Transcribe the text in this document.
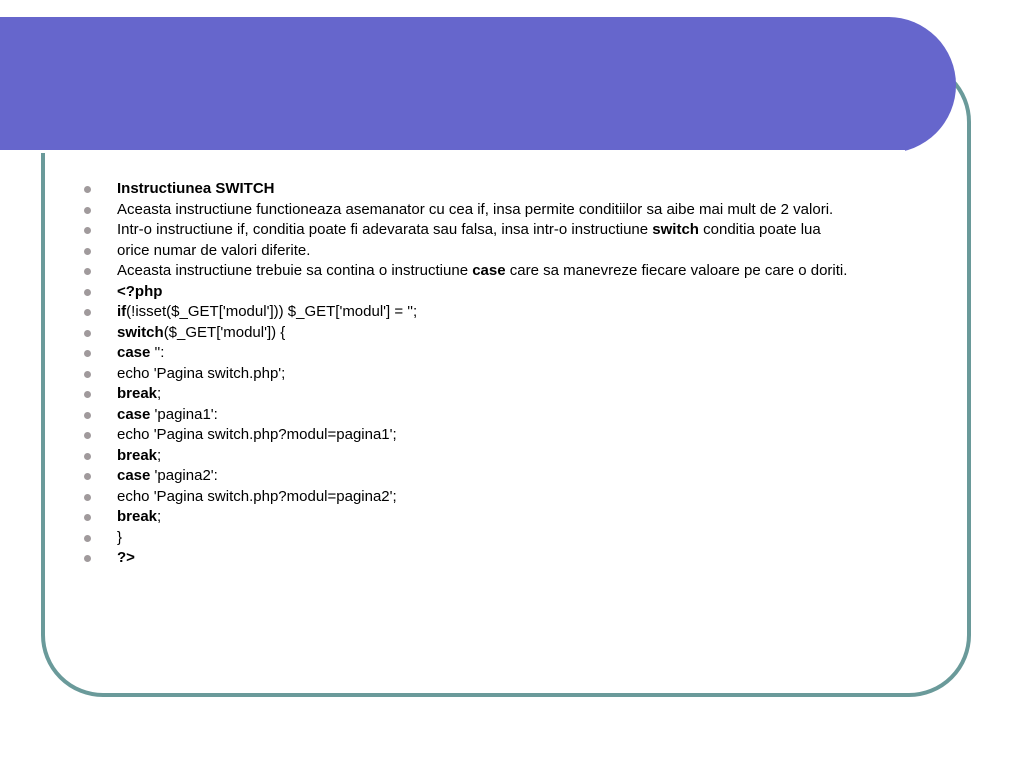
Instructiunea SWITCH
Aceasta instructiune functioneaza asemanator cu cea if, insa permite conditiilor sa aibe mai mult de 2 valori.
Intr-o instructiune if, conditia poate fi adevarata sau falsa, insa intr-o instructiune switch conditia poate lua
orice numar de valori diferite.
Aceasta instructiune trebuie sa contina o instructiune case care sa manevreze fiecare valoare pe care o doriti.
<?php
if(!isset($_GET['modul'])) $_GET['modul'] = '';
switch($_GET['modul']) {
case '':
echo 'Pagina switch.php';
break;
case 'pagina1':
echo 'Pagina switch.php?modul=pagina1';
break;
case 'pagina2':
echo 'Pagina switch.php?modul=pagina2';
break;
}
?>
